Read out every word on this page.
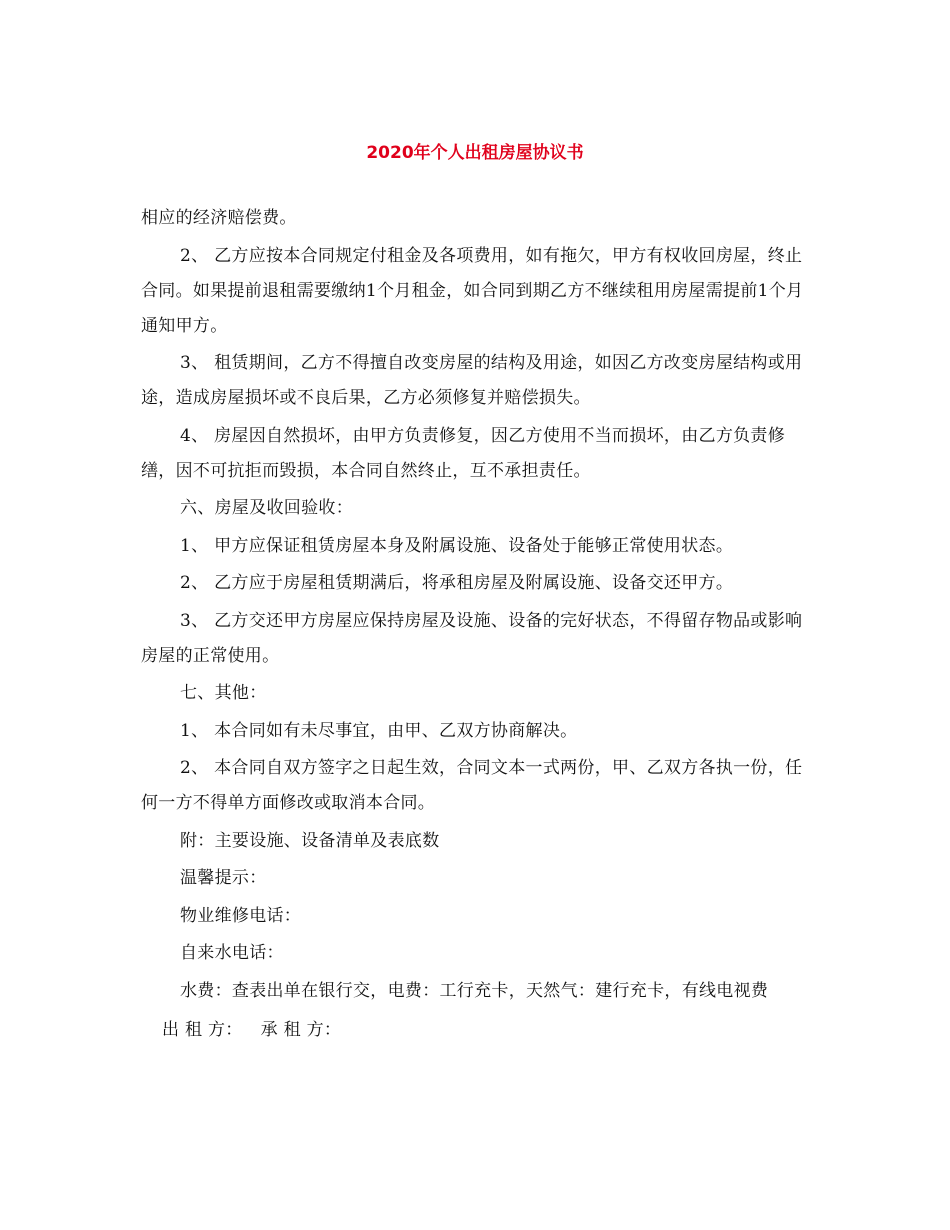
2020年个人出租房屋协议书

相应的经济赔偿费。

2、 乙方应按本合同规定付租金及各项费用，如有拖欠，甲方有权收回房屋，终止合同。如果提前退租需要缴纳1个月租金，如合同到期乙方不继续租用房屋需提前1个月通知甲方。

3、 租赁期间，乙方不得擅自改变房屋的结构及用途，如因乙方改变房屋结构或用途，造成房屋损坏或不良后果，乙方必须修复并赔偿损失。

4、 房屋因自然损坏，由甲方负责修复，因乙方使用不当而损坏，由乙方负责修缮，因不可抗拒而毁损，本合同自然终止，互不承担责任。

六、房屋及收回验收：

1、 甲方应保证租赁房屋本身及附属设施、设备处于能够正常使用状态。

2、 乙方应于房屋租赁期满后，将承租房屋及附属设施、设备交还甲方。

3、 乙方交还甲方房屋应保持房屋及设施、设备的完好状态，不得留存物品或影响房屋的正常使用。

七、其他：

1、 本合同如有未尽事宜，由甲、乙双方协商解决。

2、 本合同自双方签字之日起生效，合同文本一式两份，甲、乙双方各执一份，任何一方不得单方面修改或取消本合同。

附：主要设施、设备清单及表底数

温馨提示：

物业维修电话：

自来水电话：

水费：查表出单在银行交，电费：工行充卡，天然气：建行充卡，有线电视费

出 租 方： 承 租 方：
